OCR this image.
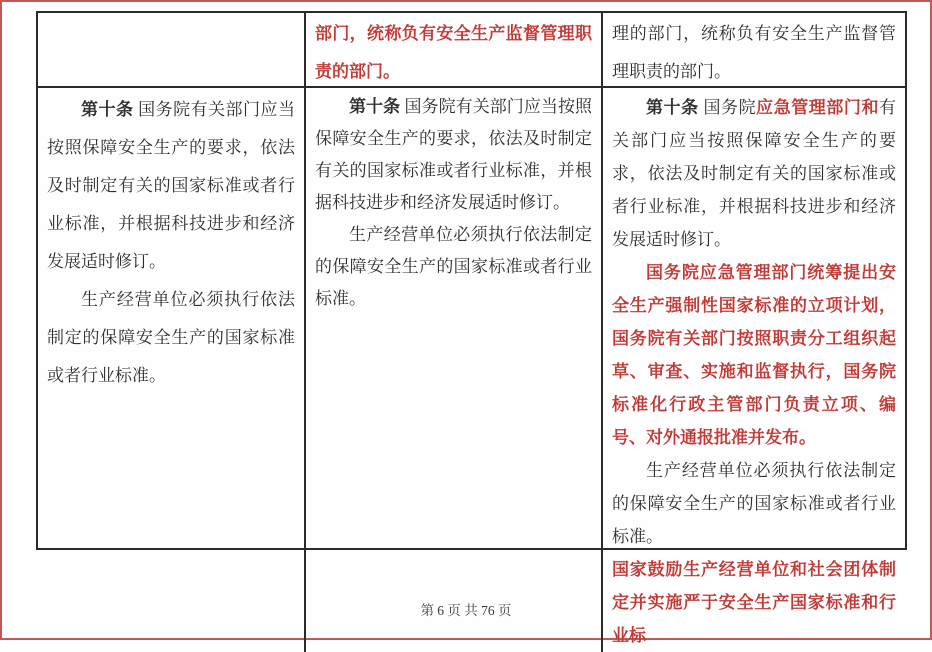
部门，统称负有安全生产监督管理职责的部门。
理的部门，统称负有安全生产监督管理职责的部门。
第十条 国务院有关部门应当按照保障安全生产的要求，依法及时制定有关的国家标准或者行业标准，并根据科技进步和经济发展适时修订。
生产经营单位必须执行依法制定的保障安全生产的国家标准或者行业标准。
第十条 国务院有关部门应当按照保障安全生产的要求，依法及时制定有关的国家标准或者行业标准，并根据科技进步和经济发展适时修订。
生产经营单位必须执行依法制定的保障安全生产的国家标准或者行业标准。
第十条 国务院应急管理部门和有关部门应当按照保障安全生产的要求，依法及时制定有关的国家标准或者行业标准，并根据科技进步和经济发展适时修订。
国务院应急管理部门统筹提出安全生产强制性国家标准的立项计划，国务院有关部门按照职责分工组织起草、审查、实施和监督执行，国务院标准化行政主管部门负责立项、编号、对外通报批准并发布。
生产经营单位必须执行依法制定的保障安全生产的国家标准或者行业标准。
国家鼓励生产经营单位和社会团体制定并实施严于安全生产国家标准和行业标
第 6 页 共 76 页
